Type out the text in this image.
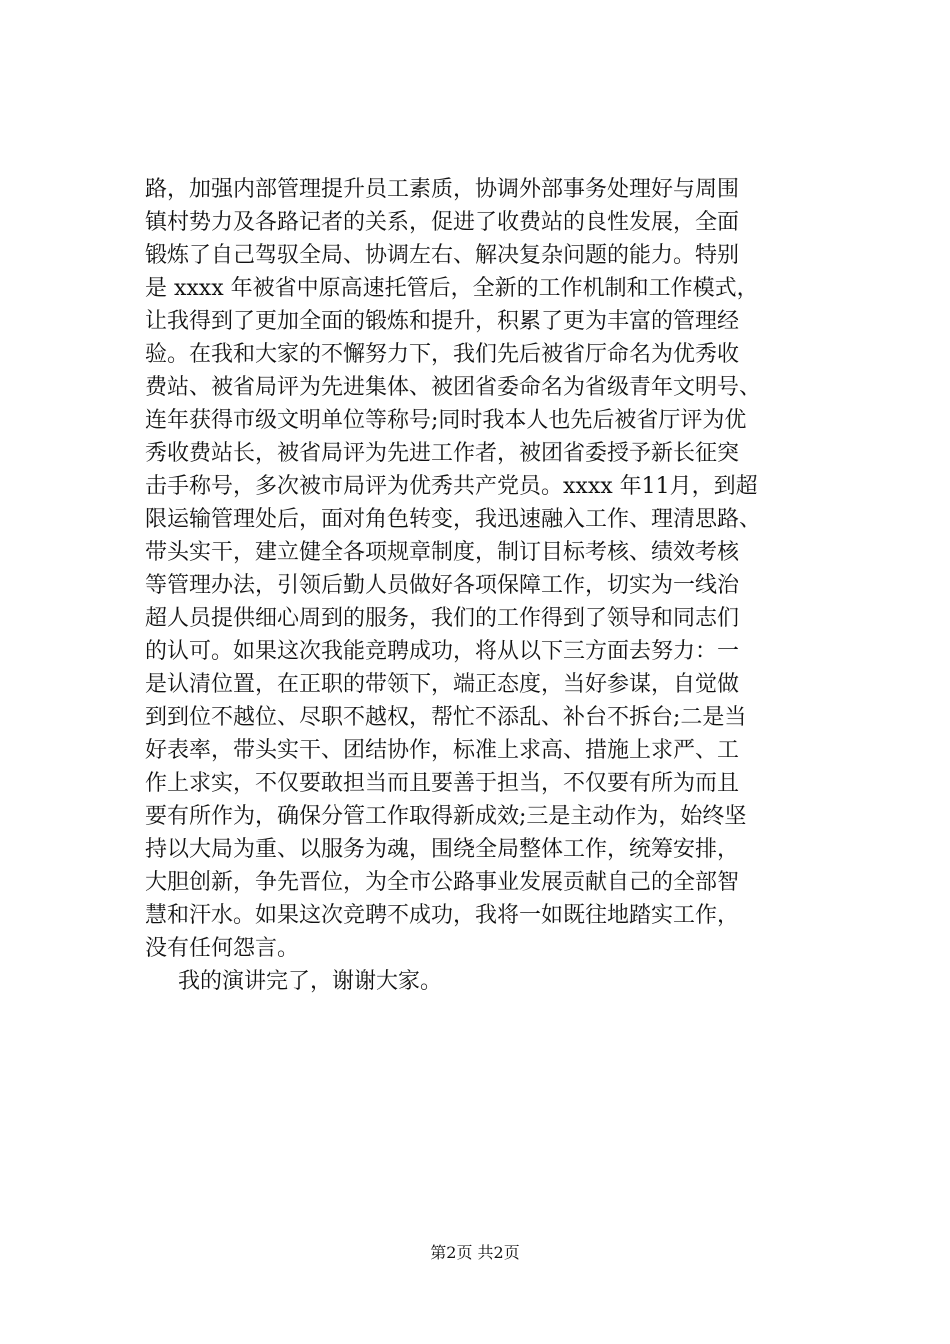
路，加强内部管理提升员工素质，协调外部事务处理好与周围
镇村势力及各路记者的关系，促进了收费站的良性发展，全面
锻炼了自己驾驭全局、协调左右、解决复杂问题的能力。特别
是 xxxx 年被省中原高速托管后，全新的工作机制和工作模式，
让我得到了更加全面的锻炼和提升，积累了更为丰富的管理经
验。在我和大家的不懈努力下，我们先后被省厅命名为优秀收
费站、被省局评为先进集体、被团省委命名为省级青年文明号、
连年获得市级文明单位等称号;同时我本人也先后被省厅评为优
秀收费站长，被省局评为先进工作者，被团省委授予新长征突
击手称号，多次被市局评为优秀共产党员。xxxx 年11月，到超
限运输管理处后，面对角色转变，我迅速融入工作、理清思路、
带头实干，建立健全各项规章制度，制订目标考核、绩效考核
等管理办法，引领后勤人员做好各项保障工作，切实为一线治
超人员提供细心周到的服务，我们的工作得到了领导和同志们
的认可。如果这次我能竞聘成功，将从以下三方面去努力：一
是认清位置，在正职的带领下，端正态度，当好参谋，自觉做
到到位不越位、尽职不越权，帮忙不添乱、补台不拆台;二是当
好表率，带头实干、团结协作，标准上求高、措施上求严、工
作上求实，不仅要敢担当而且要善于担当，不仅要有所为而且
要有所作为，确保分管工作取得新成效;三是主动作为，始终坚
持以大局为重、以服务为魂，围绕全局整体工作，统筹安排，
大胆创新，争先晋位，为全市公路事业发展贡献自己的全部智
慧和汗水。如果这次竞聘不成功，我将一如既往地踏实工作，
没有任何怨言。
我的演讲完了，谢谢大家。
第2页 共2页
